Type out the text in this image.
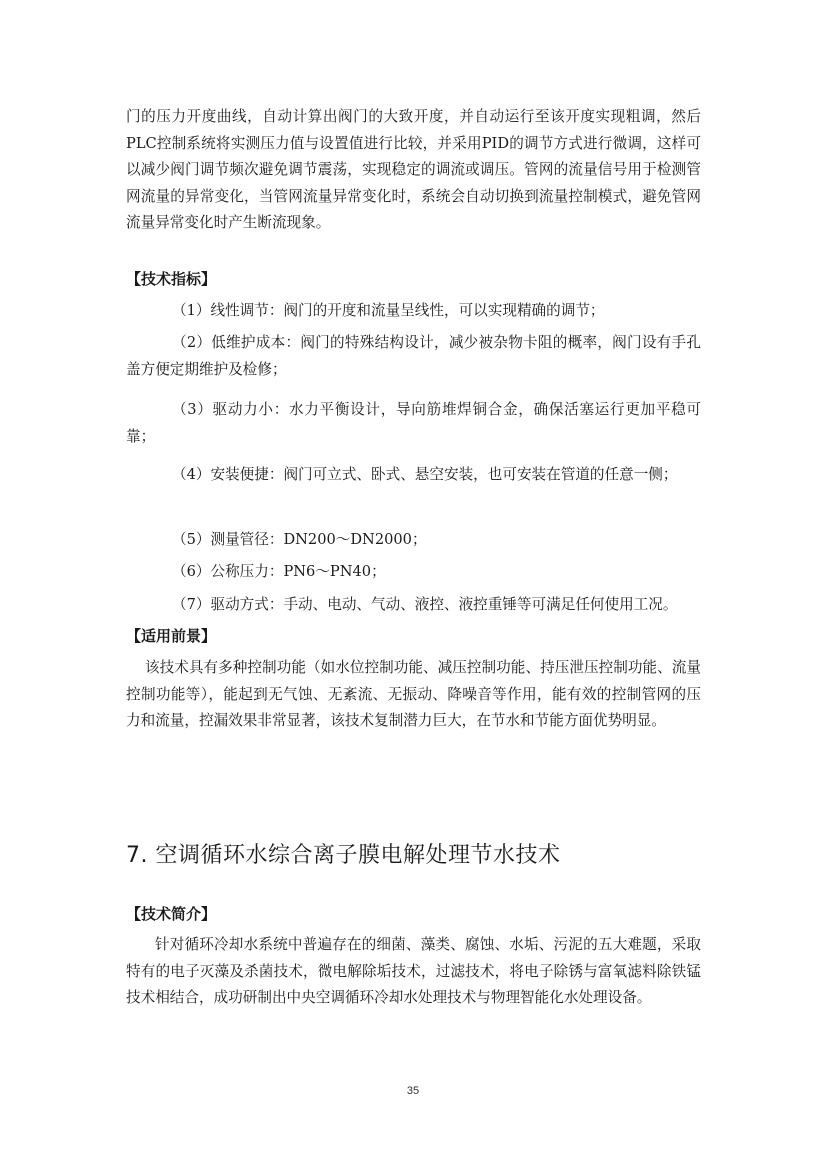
门的压力开度曲线，自动计算出阀门的大致开度，并自动运行至该开度实现粗调，然后PLC控制系统将实测压力值与设置值进行比较，并采用PID的调节方式进行微调，这样可以减少阀门调节频次避免调节震荡，实现稳定的调流或调压。管网的流量信号用于检测管网流量的异常变化，当管网流量异常变化时，系统会自动切换到流量控制模式，避免管网流量异常变化时产生断流现象。

【技术指标】

（1）线性调节：阀门的开度和流量呈线性，可以实现精确的调节；

（2）低维护成本：阀门的特殊结构设计，减少被杂物卡阻的概率，阀门设有手孔盖方便定期维护及检修；

（3）驱动力小：水力平衡设计，导向筋堆焊铜合金，确保活塞运行更加平稳可靠；

（4）安装便捷：阀门可立式、卧式、悬空安装，也可安装在管道的任意一侧；

（5）测量管径：DN200～DN2000；

（6）公称压力：PN6～PN40；

（7）驱动方式：手动、电动、气动、液控、液控重锤等可满足任何使用工况。

【适用前景】

该技术具有多种控制功能（如水位控制功能、减压控制功能、持压泄压控制功能、流量控制功能等），能起到无气蚀、无紊流、无振动、降噪音等作用，能有效的控制管网的压力和流量，控漏效果非常显著，该技术复制潜力巨大，在节水和节能方面优势明显。

7. 空调循环水综合离子膜电解处理节水技术

【技术简介】

针对循环冷却水系统中普遍存在的细菌、藻类、腐蚀、水垢、污泥的五大难题，采取特有的电子灭藻及杀菌技术，微电解除垢技术，过滤技术，将电子除锈与富氧滤料除铁锰技术相结合，成功研制出中央空调循环冷却水处理技术与物理智能化水处理设备。

35
